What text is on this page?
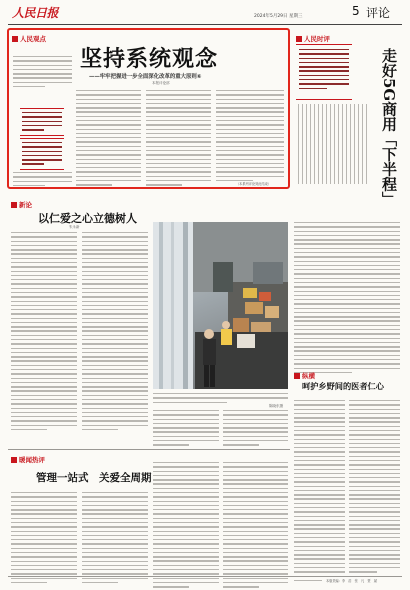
人民日报	2024年5月29日 星期三	5 评论
人民观点
坚持系统观念
——牢牢把握进一步全面深化改革的重大原则⑥
本报评论部
（本系列评论到此结束）
人民时评
走好5G商用「下半程」
新论
以仁爱之心立德树人
朱永新
陈晓东摄
纵横
呵护乡野间的医者仁心
暖闻热评
管理一站式　关爱全周期
本版责编：李　浩　张　凡　贾　斌
